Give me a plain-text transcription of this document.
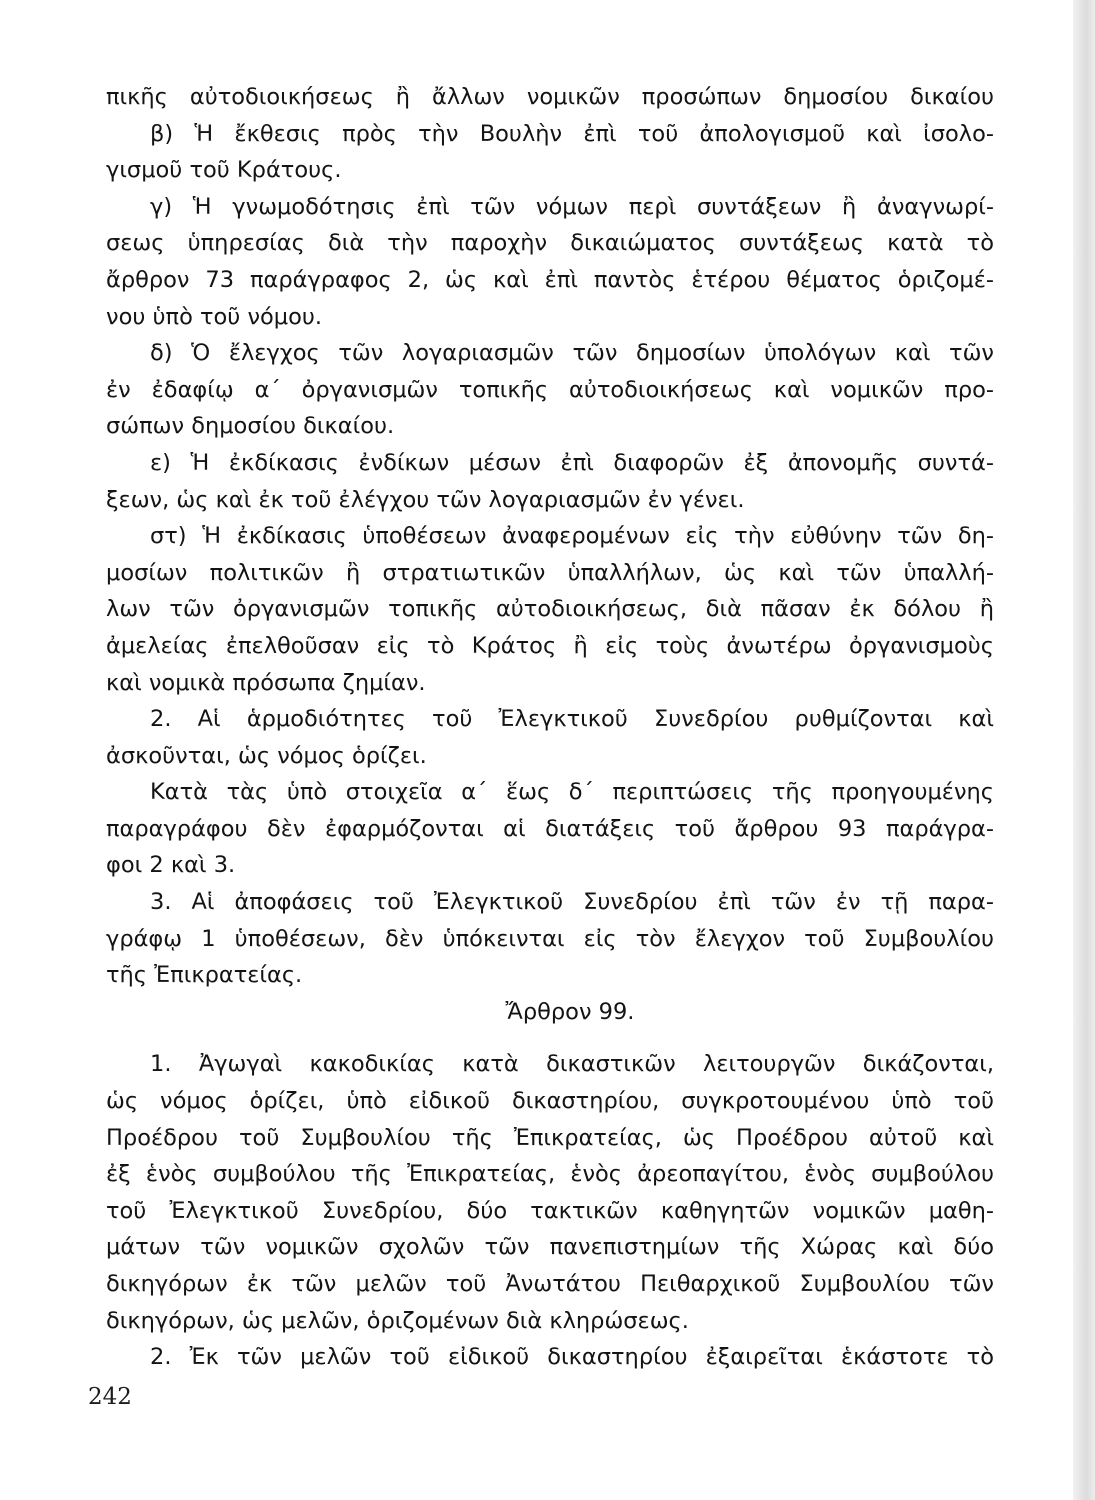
πικῆς αὐτοδιοικήσεως ἢ ἄλλων νομικῶν προσώπων δημοσίου δικαίου
β) Ἡ ἔκθεσις πρὸς τὴν Βουλὴν ἐπὶ τοῦ ἀπολογισμοῦ καὶ ἰσολο-
γισμοῦ τοῦ Κράτους.
γ) Ἡ γνωμοδότησις ἐπὶ τῶν νόμων περὶ συντάξεων ἢ ἀναγνωρί-
σεως ὑπηρεσίας διὰ τὴν παροχὴν δικαιώματος συντάξεως κατὰ τὸ
ἄρθρον 73 παράγραφος 2, ὡς καὶ ἐπὶ παντὸς ἑτέρου θέματος ὁριζομέ-
νου ὑπὸ τοῦ νόμου.
δ) Ὁ ἔλεγχος τῶν λογαριασμῶν τῶν δημοσίων ὑπολόγων καὶ τῶν
ἐν ἐδαφίῳ α΄ ὀργανισμῶν τοπικῆς αὐτοδιοικήσεως καὶ νομικῶν προ-
σώπων δημοσίου δικαίου.
ε) Ἡ ἐκδίκασις ἐνδίκων μέσων ἐπὶ διαφορῶν ἐξ ἀπονομῆς συντά-
ξεων, ὡς καὶ ἐκ τοῦ ἐλέγχου τῶν λογαριασμῶν ἐν γένει.
στ) Ἡ ἐκδίκασις ὑποθέσεων ἀναφερομένων εἰς τὴν εὐθύνην τῶν δη-
μοσίων πολιτικῶν ἢ στρατιωτικῶν ὑπαλλήλων, ὡς καὶ τῶν ὑπαλλή-
λων τῶν ὀργανισμῶν τοπικῆς αὐτοδιοικήσεως, διὰ πᾶσαν ἐκ δόλου ἢ
ἀμελείας ἐπελθοῦσαν εἰς τὸ Κράτος ἢ εἰς τοὺς ἀνωτέρω ὀργανισμοὺς
καὶ νομικὰ πρόσωπα ζημίαν.
2. Αἱ ἁρμοδιότητες τοῦ Ἐλεγκτικοῦ Συνεδρίου ρυθμίζονται καὶ
ἀσκοῦνται, ὡς νόμος ὁρίζει.
Κατὰ τὰς ὑπὸ στοιχεῖα α΄ ἕως δ΄ περιπτώσεις τῆς προηγουμένης
παραγράφου δὲν ἐφαρμόζονται αἱ διατάξεις τοῦ ἄρθρου 93 παράγρα-
φοι 2 καὶ 3.
3. Αἱ ἀποφάσεις τοῦ Ἐλεγκτικοῦ Συνεδρίου ἐπὶ τῶν ἐν τῇ παρα-
γράφῳ 1 ὑποθέσεων, δὲν ὑπόκεινται εἰς τὸν ἔλεγχον τοῦ Συμβουλίου
τῆς Ἐπικρατείας.
Ἄρθρον 99.
1. Ἀγωγαὶ κακοδικίας κατὰ δικαστικῶν λειτουργῶν δικάζονται,
ὡς νόμος ὁρίζει, ὑπὸ εἰδικοῦ δικαστηρίου, συγκροτουμένου ὑπὸ τοῦ
Προέδρου τοῦ Συμβουλίου τῆς Ἐπικρατείας, ὡς Προέδρου αὐτοῦ καὶ
ἐξ ἑνὸς συμβούλου τῆς Ἐπικρατείας, ἑνὸς ἀρεοπαγίτου, ἑνὸς συμβούλου
τοῦ Ἐλεγκτικοῦ Συνεδρίου, δύο τακτικῶν καθηγητῶν νομικῶν μαθη-
μάτων τῶν νομικῶν σχολῶν τῶν πανεπιστημίων τῆς Χώρας καὶ δύο
δικηγόρων ἐκ τῶν μελῶν τοῦ Ἀνωτάτου Πειθαρχικοῦ Συμβουλίου τῶν
δικηγόρων, ὡς μελῶν, ὁριζομένων διὰ κληρώσεως.
2. Ἐκ τῶν μελῶν τοῦ εἰδικοῦ δικαστηρίου ἐξαιρεῖται ἑκάστοτε τὸ
242
